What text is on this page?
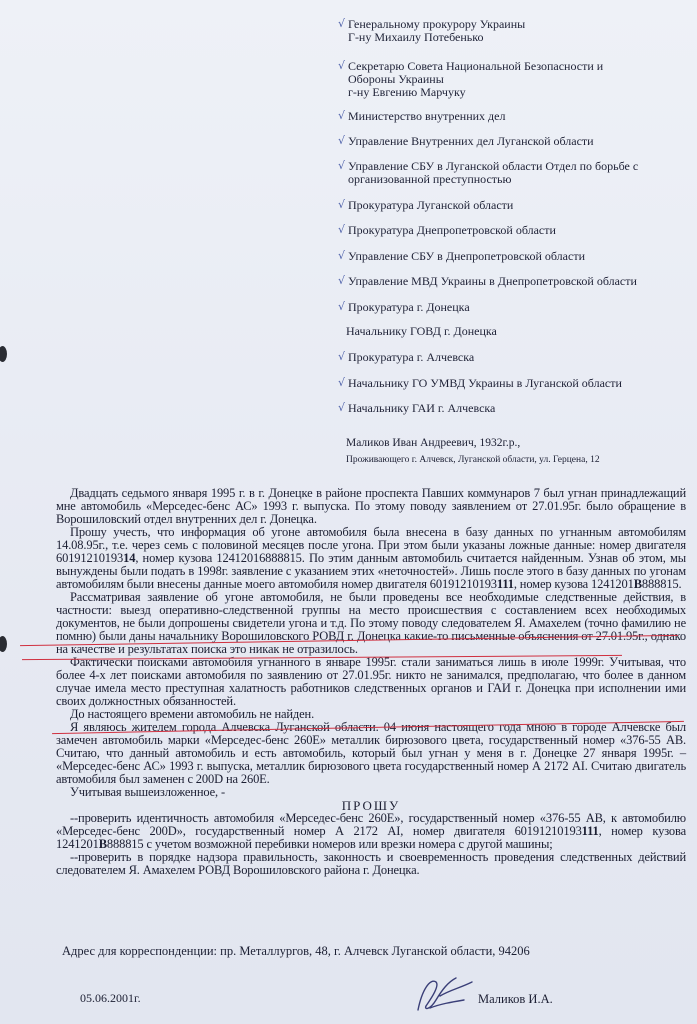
√ Генеральному прокурору Украины
Г-ну Михаилу Потебенько
√ Секретарю Совета Национальной Безопасности и
Обороны Украины
г-ну Евгению Марчуку
√ Министерство внутренних дел
√ Управление Внутренних дел Луганской области
√ Управление СБУ в Луганской области Отдел по борьбе с
организованной преступностью
√ Прокуратура Луганской области
√ Прокуратура Днепропетровской области
√ Управление СБУ в Днепропетровской области
√ Управление МВД Украины в Днепропетровской области
√ Прокуратура г. Донецка
Начальнику ГОВД г. Донецка
√ Прокуратура г. Алчевска
√ Начальнику ГО УМВД Украины в Луганской области
√ Начальнику ГАИ г. Алчевска
Маликов Иван Андреевич, 1932г.р.,
Проживающего г. Алчевск, Луганской области, ул. Герцена, 12

Двадцать седьмого января 1995 г. в г. Донецке в районе проспекта Павших коммунаров 7 был угнан принадлежащий мне автомобиль «Мерседес-бенс АС» 1993 г. выпуска. По этому поводу заявлением от 27.01.95г. было обращение в Ворошиловский отдел внутренних дел г. Донецка.

Прошу учесть, что информация об угоне автомобиля была внесена в базу данных по угнанным автомобилям 14.08.95г., т.е. через семь с половиной месяцев после угона. При этом были указаны ложные данные: номер двигателя 6019121019314, номер кузова 12412016888815. По этим данным автомобиль считается найденным. Узнав об этом, мы вынуждены были подать в 1998г. заявление с указанием этих «неточностей». Лишь после этого в базу данных по угонам автомобилям были внесены данные моего автомобиля номер двигателя 60191210193111, номер кузова 1241201B888815.

Рассматривая заявление об угоне автомобиля, не были проведены все необходимые следственные действия, в частности: выезд оперативно-следственной группы на место происшествия с составлением всех необходимых документов, не были допрошены свидетели угона и т.д. По этому поводу следователем Я. Амахелем (точно фамилию не помню) были даны начальнику Ворошиловского РОВД г. Донецка какие-то письменные объяснения от 27.01.95г., однако на качестве и результатах поиска это никак не отразилось.

Фактически поисками автомобиля угнанного в январе 1995г. стали заниматься лишь в июле 1999г. Учитывая, что более 4-х лет поисками автомобиля по заявлению от 27.01.95г. никто не занимался, предполагаю, что более в данном случае имела место преступная халатность работников следственных органов и ГАИ г. Донецка при исполнении ими своих должностных обязанностей.

До настоящего времени автомобиль не найден.

Я являюсь жителем города Алчевска Луганской области. 04 июня настоящего года мною в городе Алчевске был замечен автомобиль марки «Мерседес-бенс 260Е» металлик бирюзового цвета, государственный номер «376-55 АВ. Считаю, что данный автомобиль и есть автомобиль, который был угнан у меня в г. Донецке 27 января 1995г. – «Мерседес-бенс АС» 1993 г. выпуска, металлик бирюзового цвета государственный номер А 2172 AI. Считаю двигатель автомобиля был заменен с 200D на 260E.

Учитывая вышеизложенное, -

ПРОШУ

--проверить идентичность автомобиля «Мерседес-бенс 260Е», государственный номер «376-55 АВ, к автомобилю «Мерседес-бенс 200D», государственный номер А 2172 AI, номер двигателя 60191210193111, номер кузова 1241201B888815 с учетом возможной перебивки номеров или врезки номера с другой машины;

--проверить в порядке надзора правильность, законность и своевременность проведения следственных действий следователем Я. Амахелем РОВД Ворошиловского района г. Донецка.

Адрес для корреспонденции: пр. Металлургов, 48, г. Алчевск Луганской области, 94206
05.06.2001г.	Маликов И.А.
